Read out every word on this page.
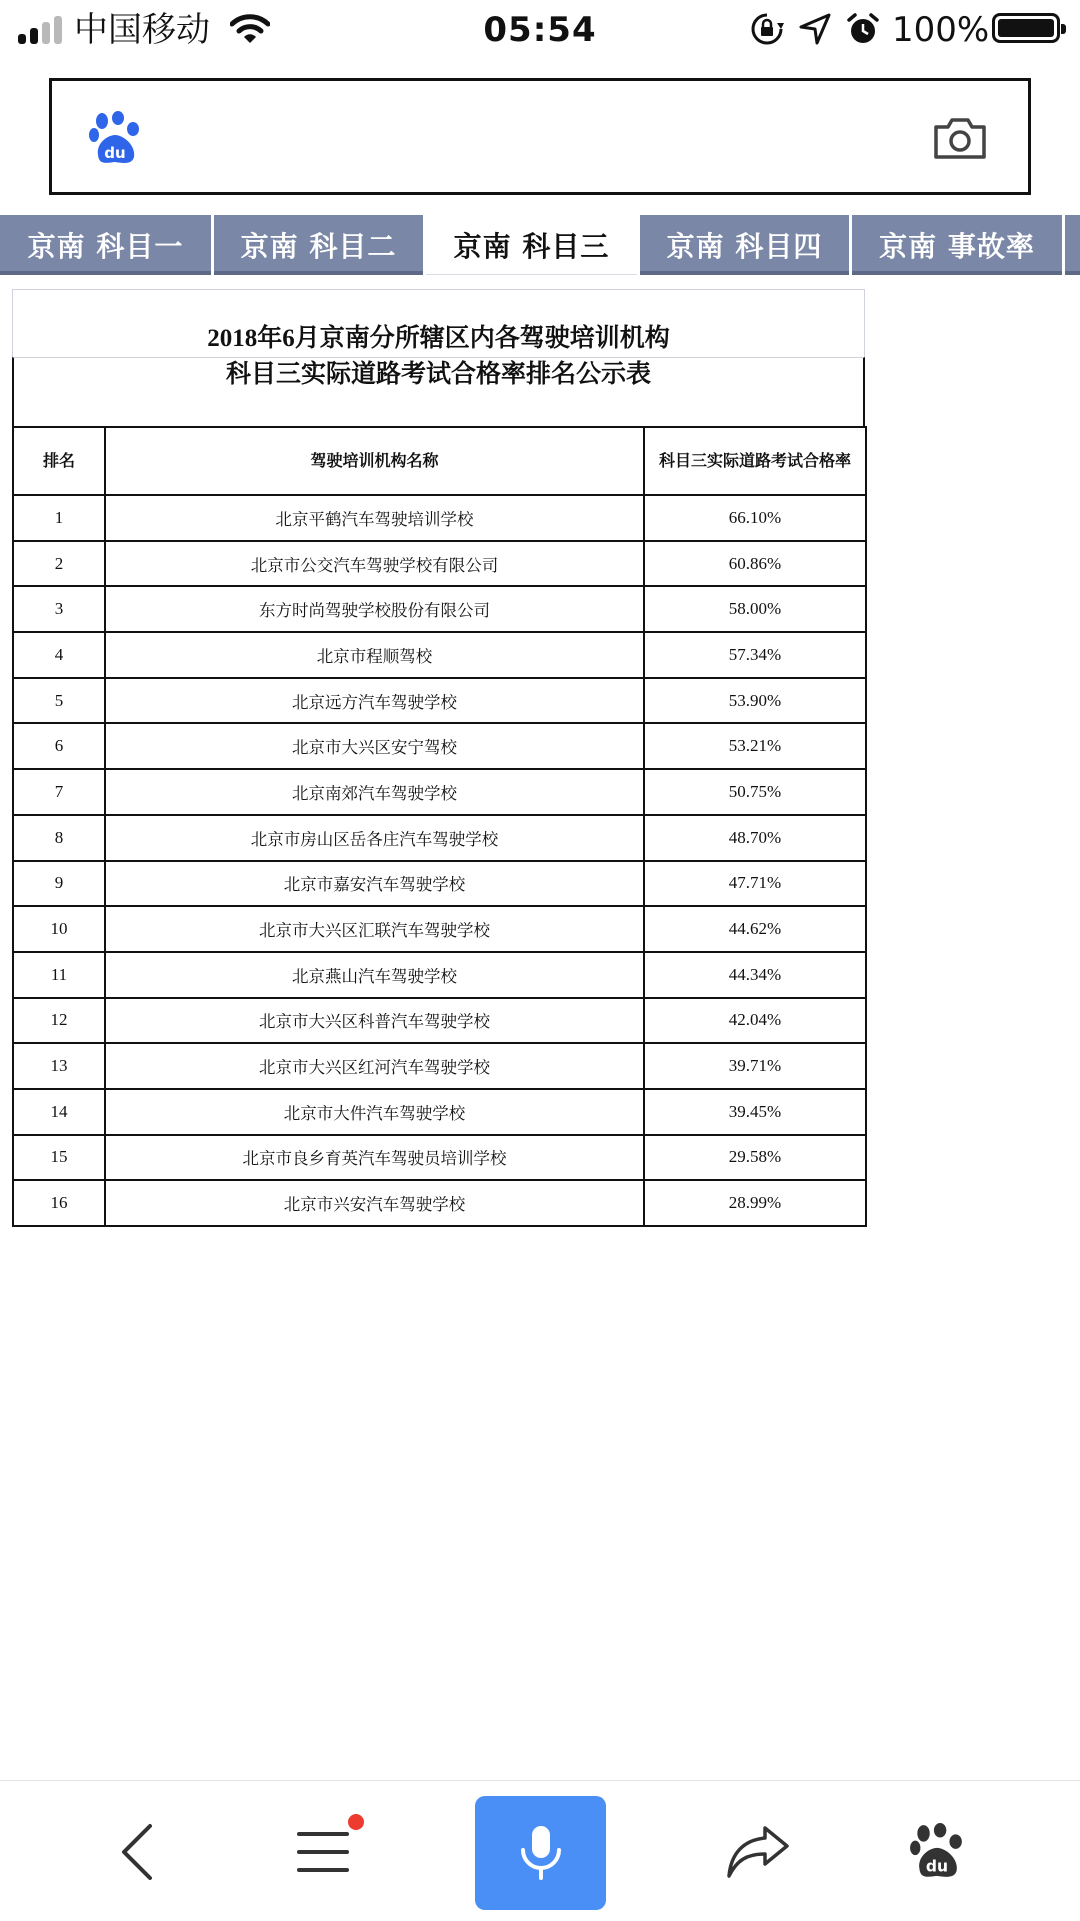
中国移动	05:54	100%
du
京南 科目一	京南 科目二	京南 科目三	京南 科目四	京南 事故率
2018年6月京南分所辖区内各驾驶培训机构
科目三实际道路考试合格率排名公示表
排名	驾驶培训机构名称	科目三实际道路考试合格率
1	北京平鹤汽车驾驶培训学校	66.10%
2	北京市公交汽车驾驶学校有限公司	60.86%
3	东方时尚驾驶学校股份有限公司	58.00%
4	北京市程顺驾校	57.34%
5	北京远方汽车驾驶学校	53.90%
6	北京市大兴区安宁驾校	53.21%
7	北京南郊汽车驾驶学校	50.75%
8	北京市房山区岳各庄汽车驾驶学校	48.70%
9	北京市嘉安汽车驾驶学校	47.71%
10	北京市大兴区汇联汽车驾驶学校	44.62%
11	北京燕山汽车驾驶学校	44.34%
12	北京市大兴区科普汽车驾驶学校	42.04%
13	北京市大兴区红河汽车驾驶学校	39.71%
14	北京市大件汽车驾驶学校	39.45%
15	北京市良乡育英汽车驾驶员培训学校	29.58%
16	北京市兴安汽车驾驶学校	28.99%
du
